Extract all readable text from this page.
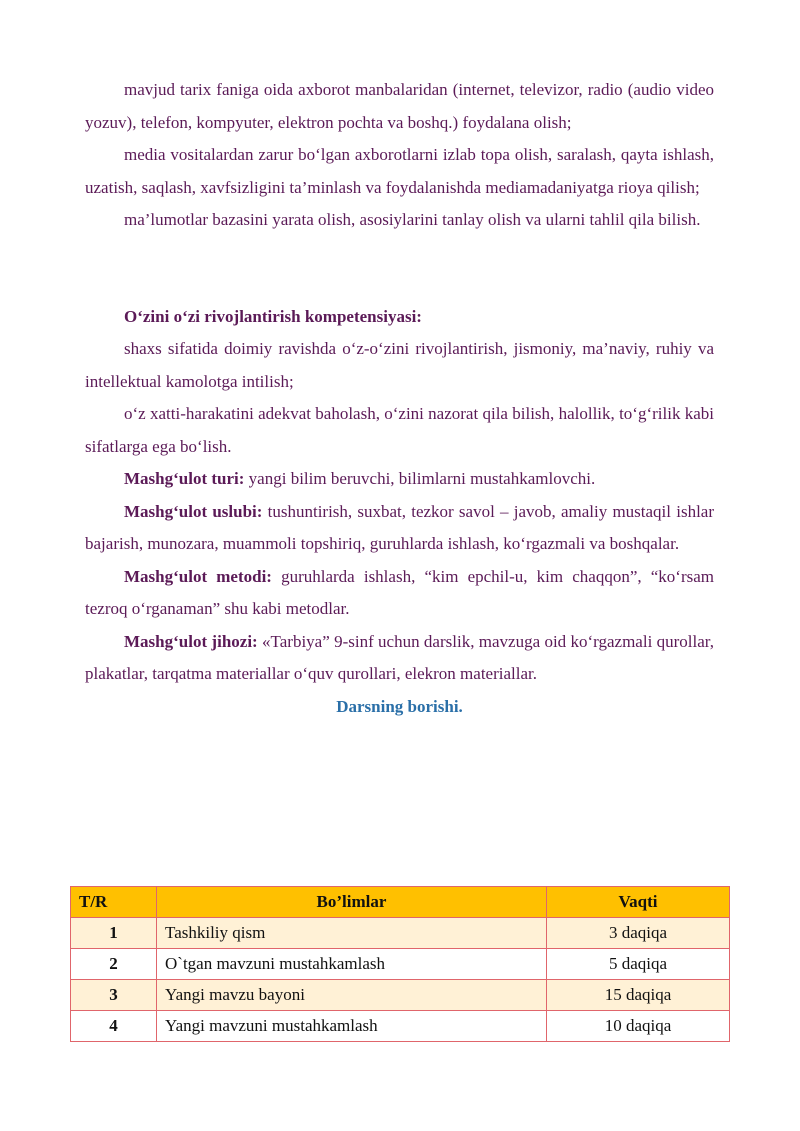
mavjud tarix faniga oida axborot manbalaridan (internet, televizor, radio (audio video yozuv), telefon, kompyuter, elektron pochta va boshq.) foydalana olish;

media vositalardan zarur bo‘lgan axborotlarni izlab topa olish, saralash, qayta ishlash, uzatish, saqlash, xavfsizligini ta’minlash va foydalanishda mediamadaniyatga rioya qilish;

ma’lumotlar bazasini yarata olish, asosiylarini tanlay olish va ularni tahlil qila bilish.

O‘zini o‘zi rivojlantirish kompetensiyasi:

shaxs sifatida doimiy ravishda o‘z-o‘zini rivojlantirish, jismoniy, ma’naviy, ruhiy va intellektual kamolotga intilish;

o‘z xatti-harakatini adekvat baholash, o‘zini nazorat qila bilish, halollik, to‘g‘rilik kabi sifatlarga ega bo‘lish.

Mashg‘ulot turi: yangi bilim beruvchi, bilimlarni mustahkamlovchi.

Mashg‘ulot uslubi: tushuntirish, suxbat, tezkor savol – javob, amaliy mustaqil ishlar bajarish, munozara, muammoli topshiriq, guruhlarda ishlash, ko‘rgazmali va boshqalar.

Mashg‘ulot metodi: guruhlarda ishlash, “kim epchil-u, kim chaqqon”, “ko‘rsam tezroq o‘rganaman” shu kabi metodlar.

Mashg‘ulot jihozi: «Tarbiya” 9-sinf uchun darslik, mavzuga oid ko‘rgazmali qurollar, plakatlar, tarqatma materiallar o‘quv qurollari, elekron materiallar.

Darsning borishi.

T/R	Bo’limlar	Vaqti
1	Tashkiliy qism	3 daqiqa
2	O`tgan mavzuni mustahkamlash	5 daqiqa
3	Yangi mavzu bayoni	15 daqiqa
4	Yangi mavzuni mustahkamlash	10 daqiqa
